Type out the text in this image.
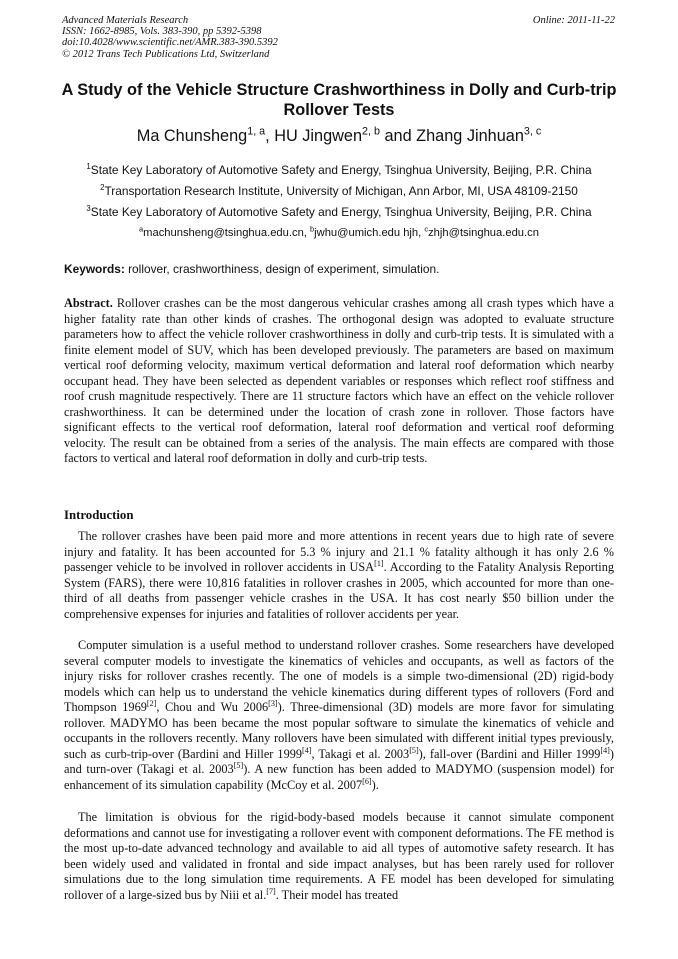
Advanced Materials Research
ISSN: 1662-8985, Vols. 383-390, pp 5392-5398
doi:10.4028/www.scientific.net/AMR.383-390.5392
© 2012 Trans Tech Publications Ltd, Switzerland
Online: 2011-11-22
A Study of the Vehicle Structure Crashworthiness in Dolly and Curb-trip Rollover Tests
Ma Chunsheng$^{1, a}$, HU Jingwen$^{2, b}$ and Zhang Jinhuan$^{3, c}$
$^1$State Key Laboratory of Automotive Safety and Energy, Tsinghua University, Beijing, P.R. China
$^2$Transportation Research Institute, University of Michigan, Ann Arbor, MI, USA 48109-2150
$^3$State Key Laboratory of Automotive Safety and Energy, Tsinghua University, Beijing, P.R. China
$^a$machunsheng@tsinghua.edu.cn, $^b$jwhu@umich.edu hjh, $^c$zhjh@tsinghua.edu.cn
Keywords: rollover, crashworthiness, design of experiment, simulation.
Abstract. Rollover crashes can be the most dangerous vehicular crashes among all crash types which have a higher fatality rate than other kinds of crashes. The orthogonal design was adopted to evaluate structure parameters how to affect the vehicle rollover crashworthiness in dolly and curb-trip tests. It is simulated with a finite element model of SUV, which has been developed previously. The parameters are based on maximum vertical roof deforming velocity, maximum vertical deformation and lateral roof deformation which nearby occupant head. They have been selected as dependent variables or responses which reflect roof stiffness and roof crush magnitude respectively. There are 11 structure factors which have an effect on the vehicle rollover crashworthiness. It can be determined under the location of crash zone in rollover. Those factors have significant effects to the vertical roof deformation, lateral roof deformation and vertical roof deforming velocity. The result can be obtained from a series of the analysis. The main effects are compared with those factors to vertical and lateral roof deformation in dolly and curb-trip tests.
Introduction
The rollover crashes have been paid more and more attentions in recent years due to high rate of severe injury and fatality. It has been accounted for 5.3 % injury and 21.1 % fatality although it has only 2.6 % passenger vehicle to be involved in rollover accidents in USA[1]. According to the Fatality Analysis Reporting System (FARS), there were 10,816 fatalities in rollover crashes in 2005, which accounted for more than one-third of all deaths from passenger vehicle crashes in the USA. It has cost nearly $50 billion under the comprehensive expenses for injuries and fatalities of rollover accidents per year.
Computer simulation is a useful method to understand rollover crashes. Some researchers have developed several computer models to investigate the kinematics of vehicles and occupants, as well as factors of the injury risks for rollover crashes recently. The one of models is a simple two-dimensional (2D) rigid-body models which can help us to understand the vehicle kinematics during different types of rollovers (Ford and Thompson 1969[2], Chou and Wu 2006[3]). Three-dimensional (3D) models are more favor for simulating rollover. MADYMO has been became the most popular software to simulate the kinematics of vehicle and occupants in the rollovers recently. Many rollovers have been simulated with different initial types previously, such as curb-trip-over (Bardini and Hiller 1999[4], Takagi et al. 2003[5]), fall-over (Bardini and Hiller 1999[4]) and turn-over (Takagi et al. 2003[5]). A new function has been added to MADYMO (suspension model) for enhancement of its simulation capability (McCoy et al. 2007[6]).
The limitation is obvious for the rigid-body-based models because it cannot simulate component deformations and cannot use for investigating a rollover event with component deformations. The FE method is the most up-to-date advanced technology and available to aid all types of automotive safety research. It has been widely used and validated in frontal and side impact analyses, but has been rarely used for rollover simulations due to the long simulation time requirements. A FE model has been developed for simulating rollover of a large-sized bus by Niii et al.[7]. Their model has treated
